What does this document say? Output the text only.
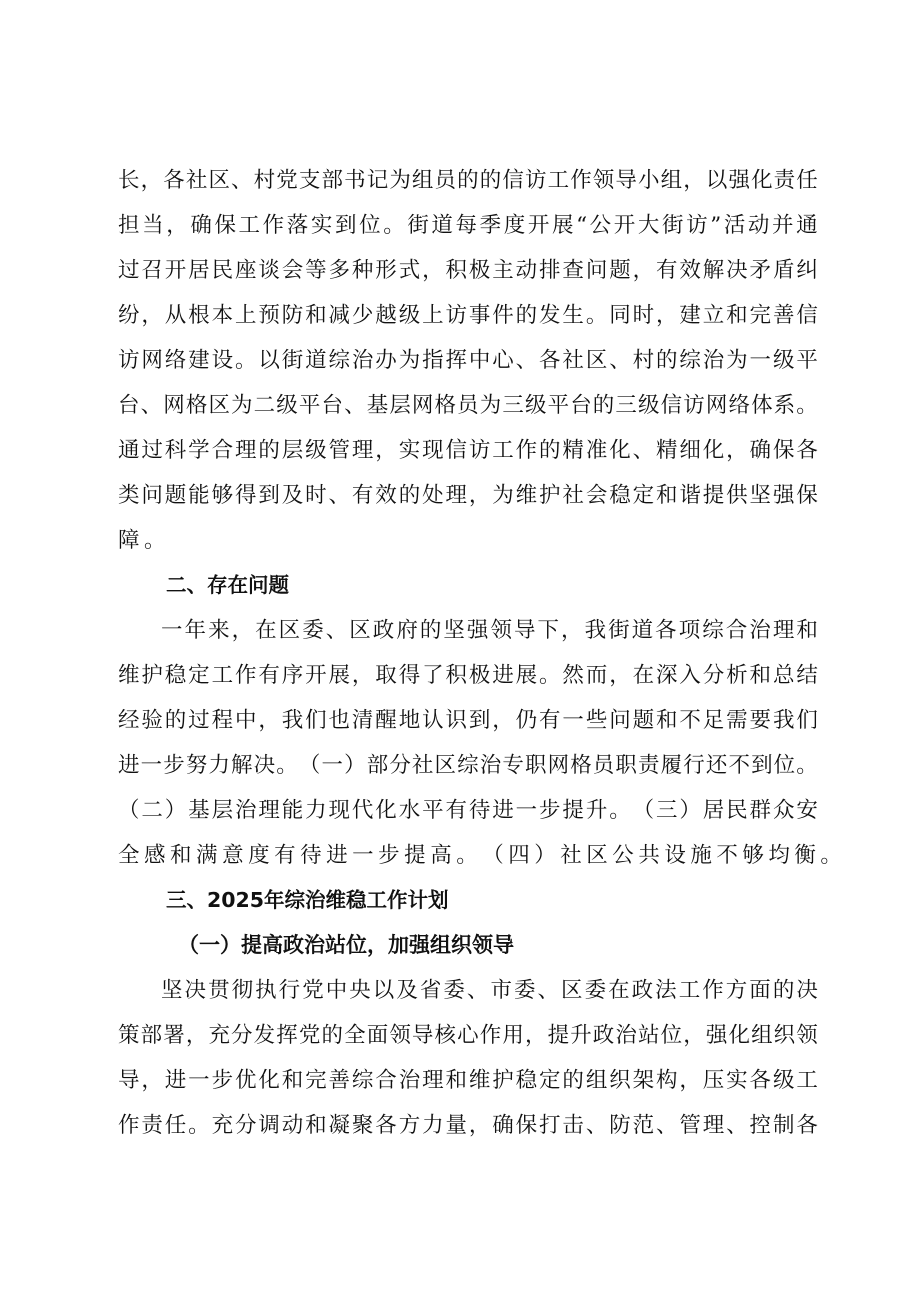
长 ， 各 社 区 、 村 党 支 部 书 记 为 组 员 的 的 信 访 工 作 领 导 小 组 ， 以 强 化 责 任
担 当 ， 确 保 工 作 落 实 到 位 。 街 道 每 季 度 开 展 “ 公 开 大 街 访 ” 活 动 并 通
过 召 开 居 民 座 谈 会 等 多 种 形 式 ， 积 极 主 动 排 查 问 题 ， 有 效 解 决 矛 盾 纠
纷 ， 从 根 本 上 预 防 和 减 少 越 级 上 访 事 件 的 发 生 。 同 时 ， 建 立 和 完 善 信
访 网 络 建 设 。 以 街 道 综 治 办 为 指 挥 中 心 、 各 社 区 、 村 的 综 治 为 一 级 平
台 、 网 格 区 为 二 级 平 台 、 基 层 网 格 员 为 三 级 平 台 的 三 级 信 访 网 络 体 系 。
通 过 科 学 合 理 的 层 级 管 理 ， 实 现 信 访 工 作 的 精 准 化 、 精 细 化 ， 确 保 各
类 问 题 能 够 得 到 及 时 、 有 效 的 处 理 ， 为 维 护 社 会 稳 定 和 谐 提 供 坚 强 保
障 。
二、存在问题
一 年 来 ， 在 区 委 、 区 政 府 的 坚 强 领 导 下 ， 我 街 道 各 项 综 合 治 理 和
维 护 稳 定 工 作 有 序 开 展 ， 取 得 了 积 极 进 展 。 然 而 ， 在 深 入 分 析 和 总 结
经 验 的 过 程 中 ， 我 们 也 清 醒 地 认 识 到 ， 仍 有 一 些 问 题 和 不 足 需 要 我 们
进 一 步 努 力 解 决 。 （ 一 ） 部 分 社 区 综 治 专 职 网 格 员 职 责 履 行 还 不 到 位 。
（ 二 ） 基 层 治 理 能 力 现 代 化 水 平 有 待 进 一 步 提 升 。 （ 三 ） 居 民 群 众 安
全 感 和 满 意 度 有 待 进 一 步 提 高 。 （ 四 ） 社 区 公 共 设 施 不 够 均 衡 。
三、2025年综治维稳工作计划
（一）提高政治站位，加强组织领导
坚 决 贯 彻 执 行 党 中 央 以 及 省 委 、 市 委 、 区 委 在 政 法 工 作 方 面 的 决
策 部 署 ， 充 分 发 挥 党 的 全 面 领 导 核 心 作 用 ， 提 升 政 治 站 位 ， 强 化 组 织 领
导 ， 进 一 步 优 化 和 完 善 综 合 治 理 和 维 护 稳 定 的 组 织 架 构 ， 压 实 各 级 工
作 责 任 。 充 分 调 动 和 凝 聚 各 方 力 量 ， 确 保 打 击 、 防 范 、 管 理 、 控 制 各
